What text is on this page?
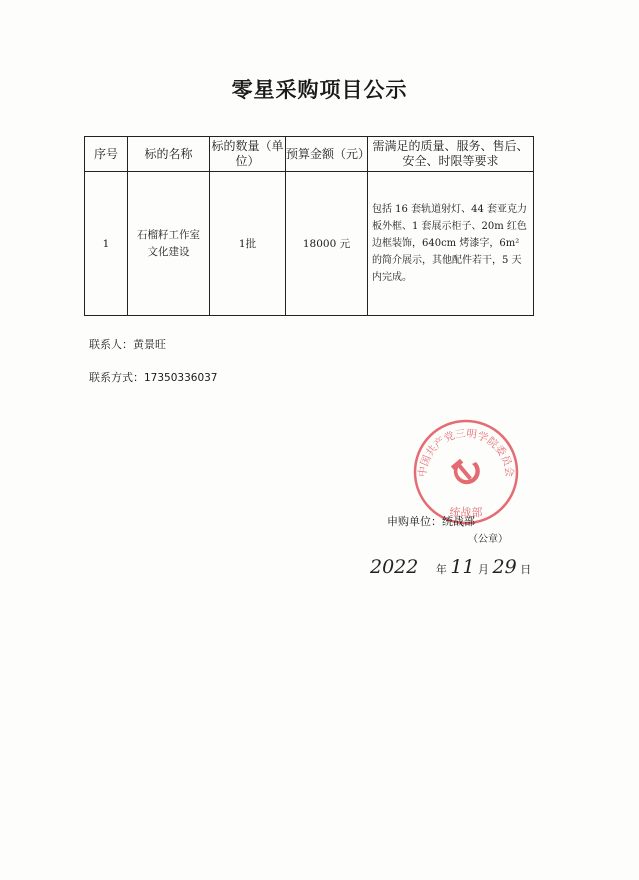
零星采购项目公示
序号	标的名称	标的数量（单位）	预算金额（元）	需满足的质量、服务、售后、安全、时限等要求
1	石榴籽工作室文化建设	1批	18000 元	包括 16 套轨道射灯、44 套亚克力板外框、1 套展示柜子、20m 红色边框装饰，640cm 烤漆字，6m² 的简介展示，其他配件若干，5 天内完成。
联系人：黄景旺
联系方式：17350336037
中国共产党三明学院委员会
统战部
申购单位：统战部
（公章）
2022 年 11 月 29 日
